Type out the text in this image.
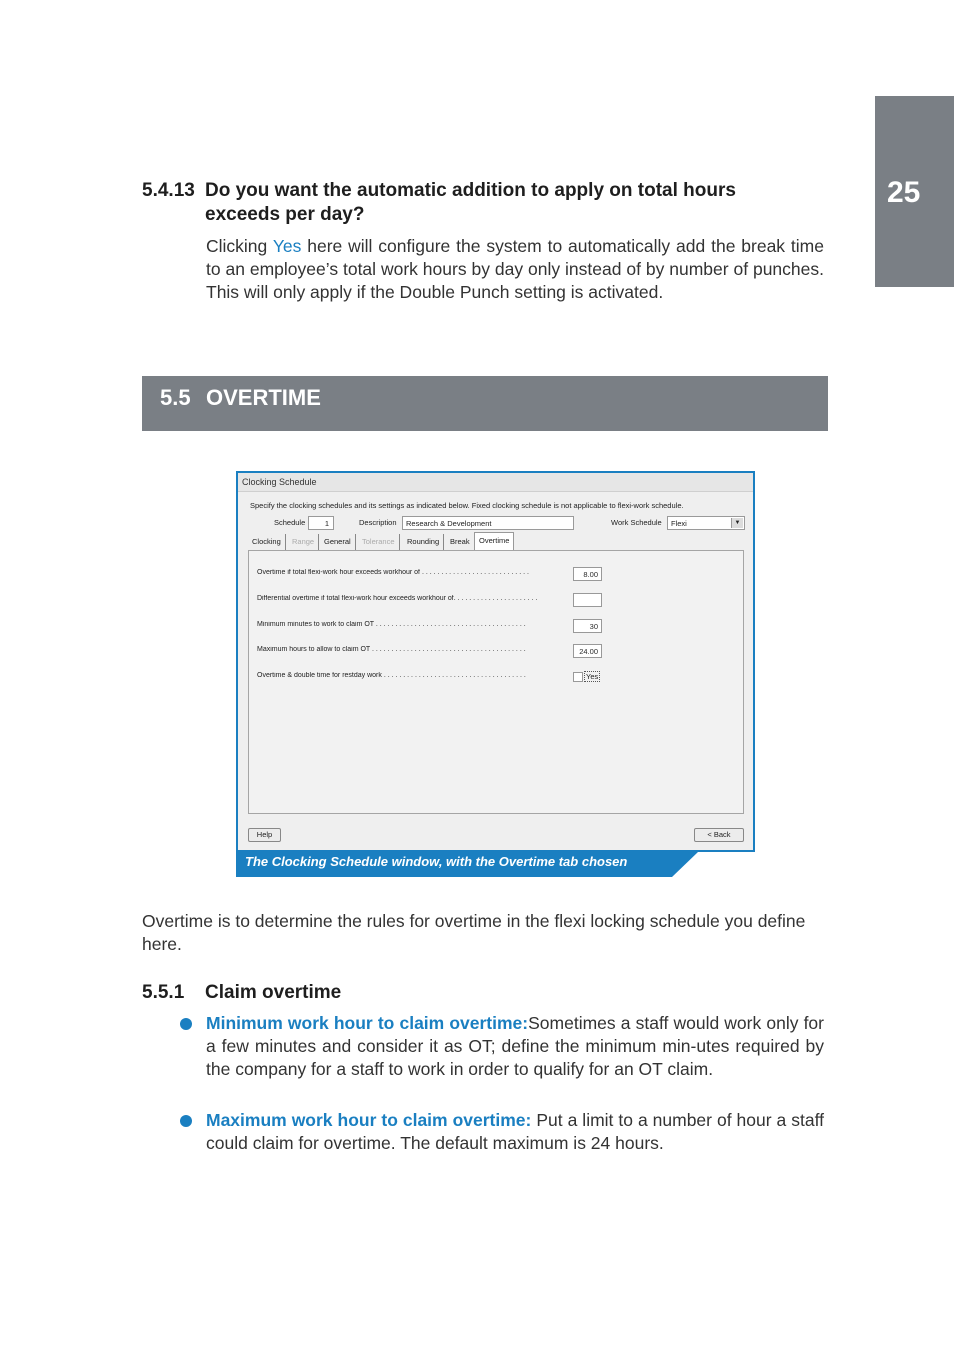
25
5.4.13 Do you want the automatic addition to apply on total hours exceeds per day?
Clicking Yes here will configure the system to automatically add the break time to an employee’s total work hours by day only instead of by number of punches. This will only apply if the Double Punch setting is activated.
5.5 OVERTIME
Clocking Schedule
Specify the clocking schedules and its settings as indicated below. Fixed clocking schedule is not applicable to flexi-work schedule.
Schedule	1	Description Research & Development	Work Schedule Flexi	▼
Clocking	Range	General	Tolerance	Rounding	Break	Overtime
Overtime if total flexi-work hour exceeds workhour of . . . . . . . . . . . . . . . . . . . . . . . . . . . .	8.00
Differential overtime if total flexi-work hour exceeds workhour of. . . . . . . . . . . . . . . . . . . . . .
Minimum minutes to work to claim OT . . . . . . . . . . . . . . . . . . . . . . . . . . . . . . . . . . . . . . .	30
Maximum hours to allow to claim OT . . . . . . . . . . . . . . . . . . . . . . . . . . . . . . . . . . . . . . . .	24.00
Overtime & double time for restday work . . . . . . . . . . . . . . . . . . . . . . . . . . . . . . . . . . . . .	Yes
Help	< Back
The Clocking Schedule window, with the Overtime tab chosen
Overtime is to determine the rules for overtime in the flexi locking schedule you define here.
5.5.1 Claim overtime
Minimum work hour to claim overtime:Sometimes a staff would work only for a few minutes and consider it as OT; define the minimum min-utes required by the company for a staff to work in order to qualify for an OT claim.
Maximum work hour to claim overtime: Put a limit to a number of hour a staff could claim for overtime. The default maximum is 24 hours.
